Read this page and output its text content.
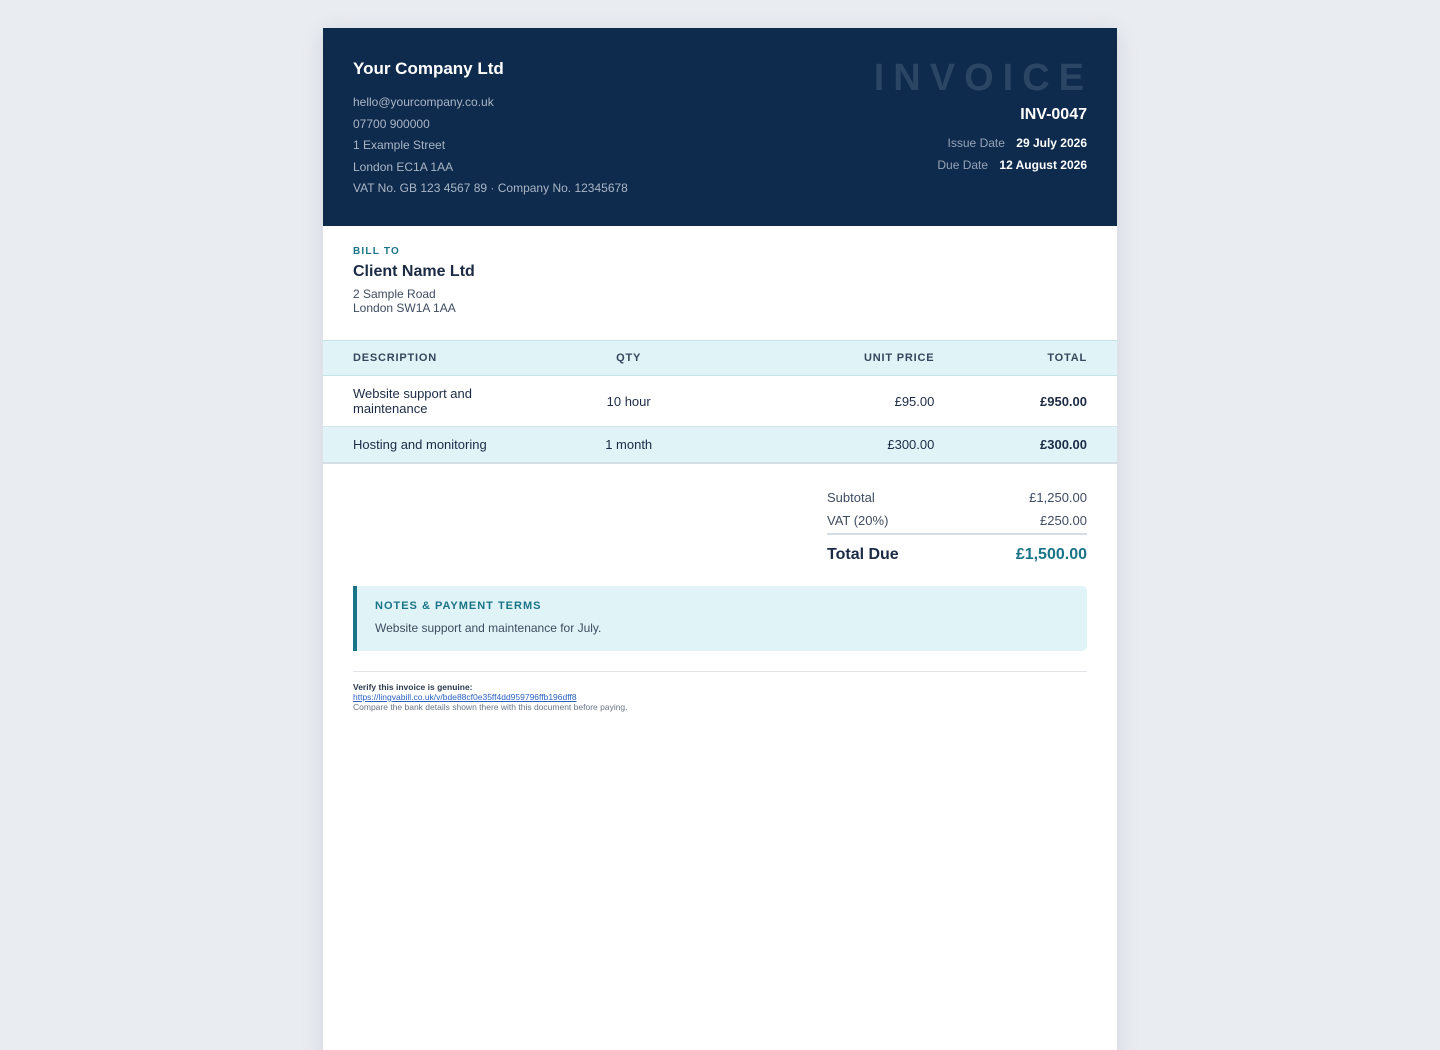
Your Company Ltd
hello@yourcompany.co.uk
07700 900000
1 Example Street
London EC1A 1AA
VAT No. GB 123 4567 89 · Company No. 12345678
INVOICE
INV-0047
Issue Date 29 July 2026
Due Date 12 August 2026
BILL TO
Client Name Ltd
2 Sample Road
London SW1A 1AA
DESCRIPTION	QTY	UNIT PRICE	TOTAL
Website support and maintenance	10 hour	£95.00	£950.00
Hosting and monitoring	1 month	£300.00	£300.00
Subtotal	£1,250.00
VAT (20%)	£250.00
Total Due	£1,500.00
NOTES & PAYMENT TERMS
Website support and maintenance for July.
Verify this invoice is genuine:
https://lingvabill.co.uk/v/bde88cf0e35ff4dd959796ffb196dff8
Compare the bank details shown there with this document before paying.
